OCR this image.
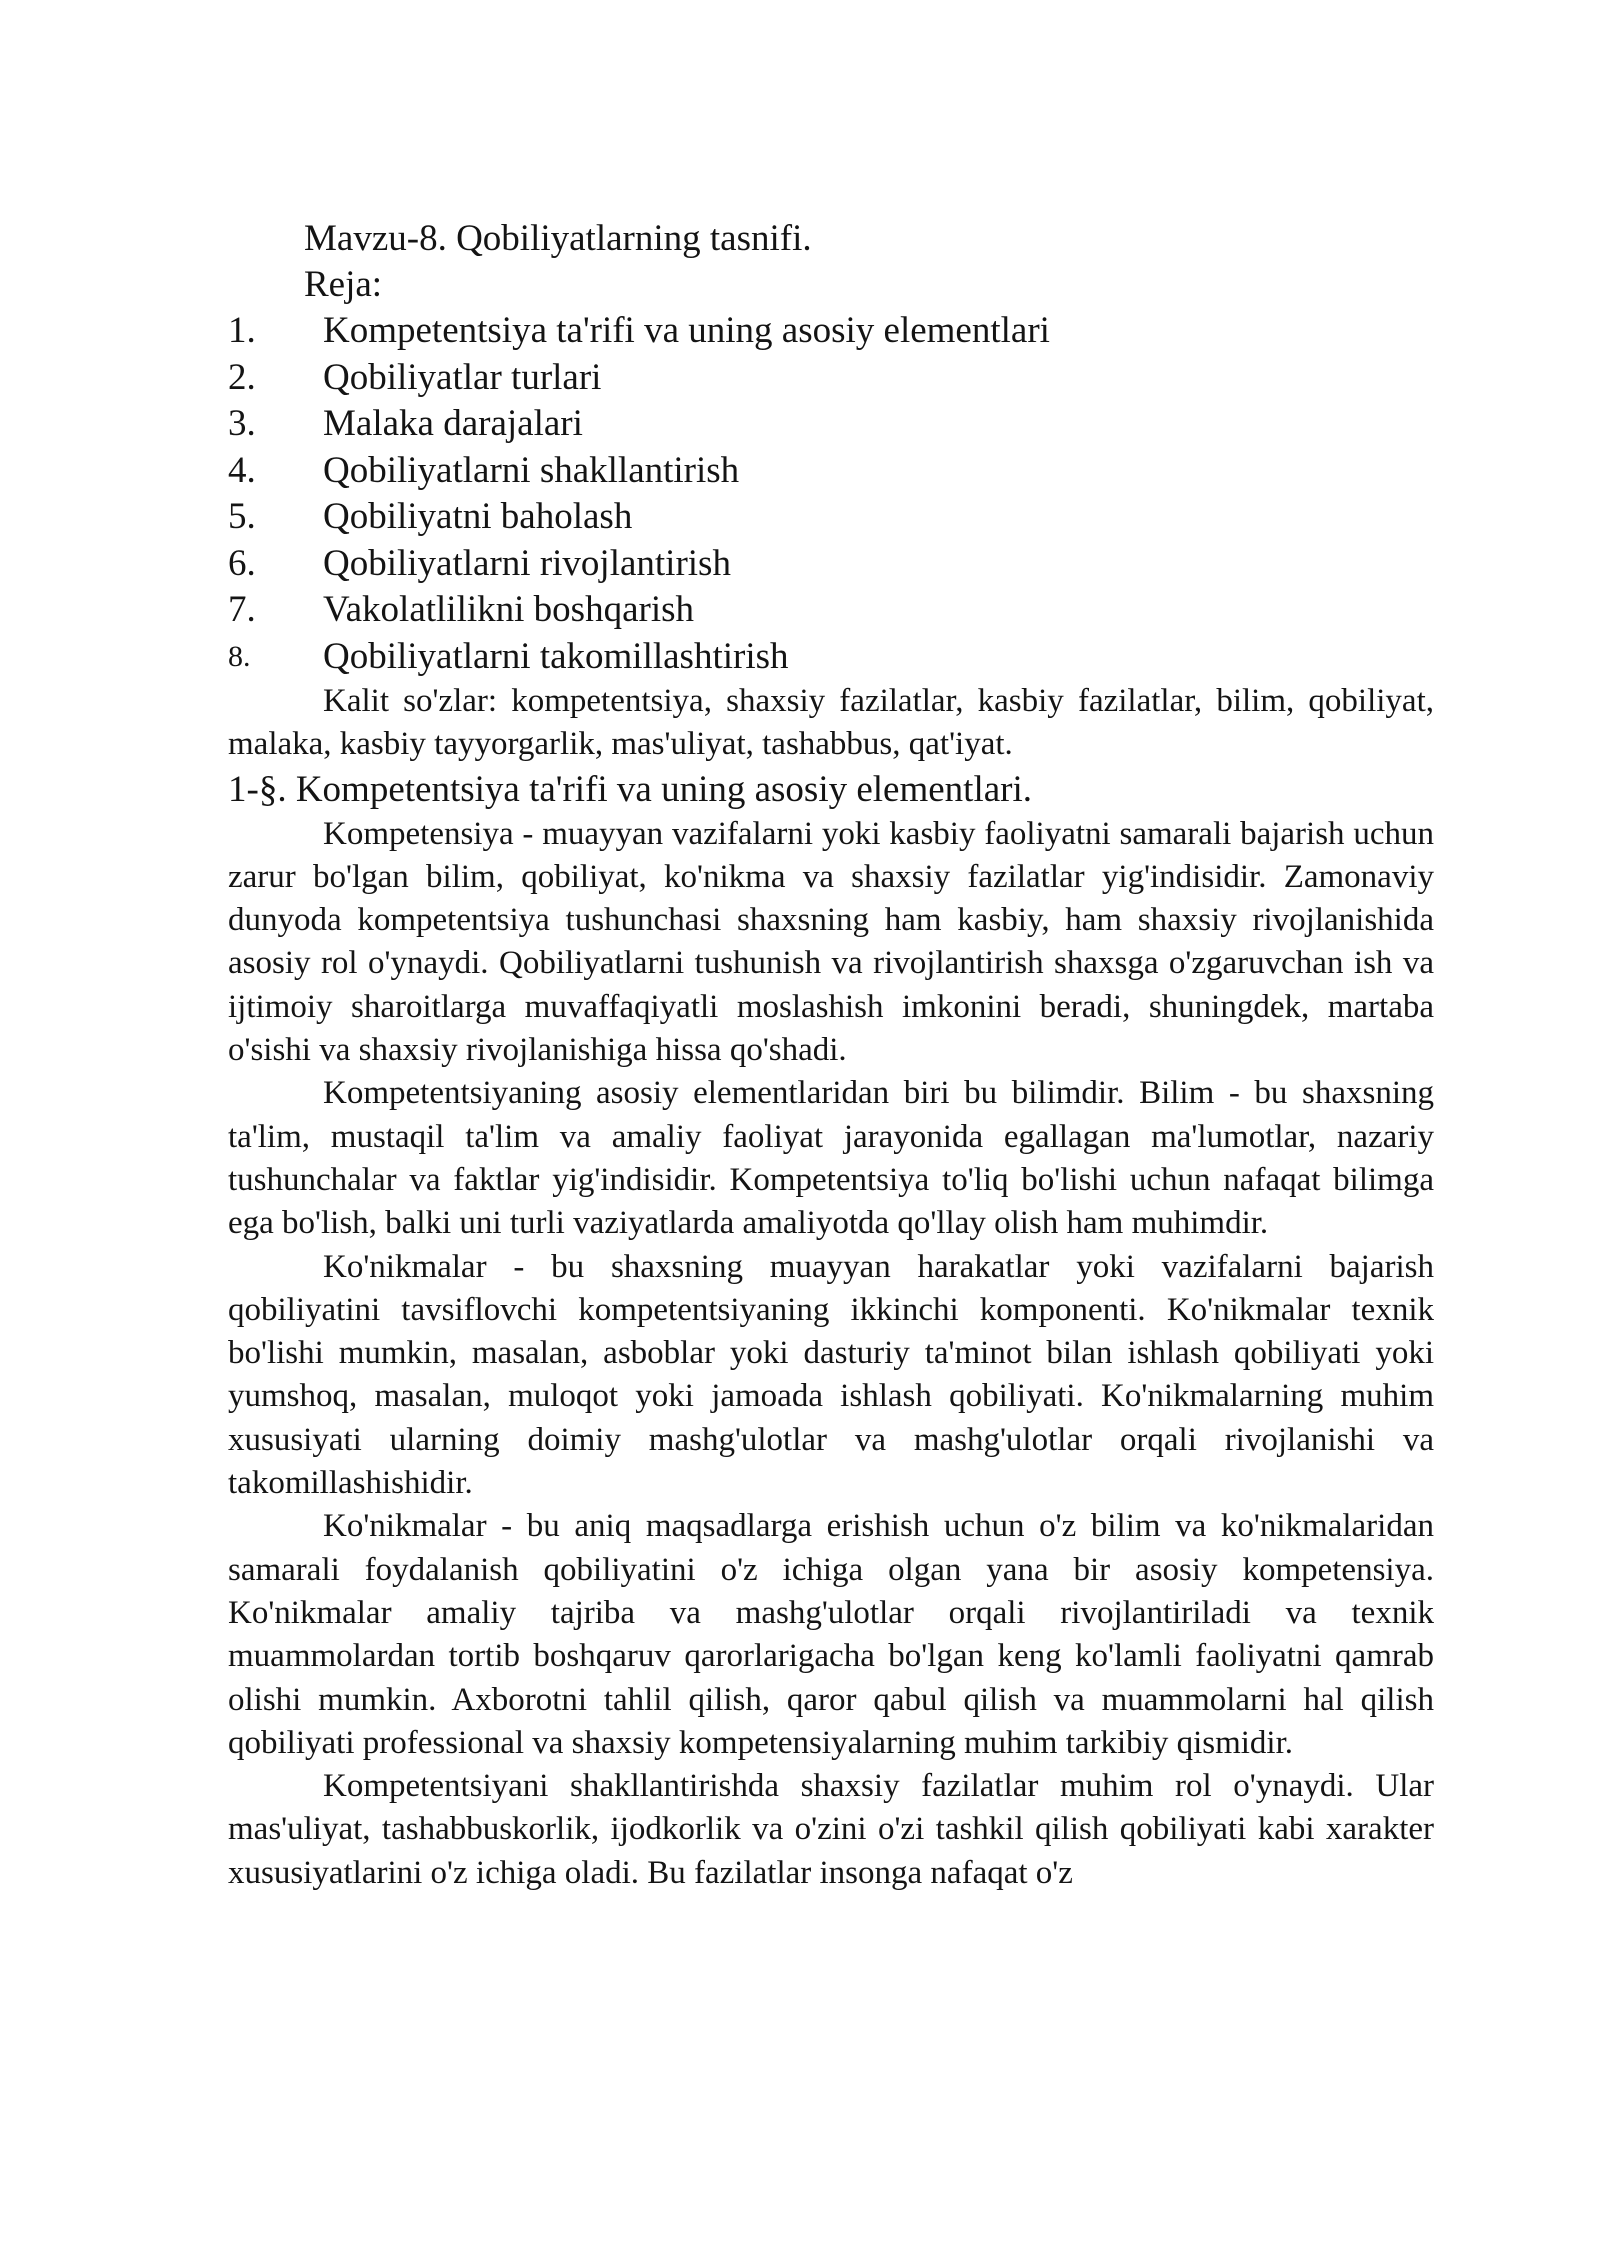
Mavzu-8. Qobiliyatlarning tasnifi.
Reja:
1. Kompetentsiya ta'rifi va uning asosiy elementlari
2. Qobiliyatlar turlari
3. Malaka darajalari
4. Qobiliyatlarni shakllantirish
5. Qobiliyatni baholash
6. Qobiliyatlarni rivojlantirish
7. Vakolatlilikni boshqarish
8. Qobiliyatlarni takomillashtirish

Kalit so'zlar: kompetentsiya, shaxsiy fazilatlar, kasbiy fazilatlar, bilim, qobiliyat, malaka, kasbiy tayyorgarlik, mas'uliyat, tashabbus, qat'iyat.

1-§. Kompetentsiya ta'rifi va uning asosiy elementlari.

Kompetensiya - muayyan vazifalarni yoki kasbiy faoliyatni samarali bajarish uchun zarur bo'lgan bilim, qobiliyat, ko'nikma va shaxsiy fazilatlar yig'indisidir. Zamonaviy dunyoda kompetentsiya tushunchasi shaxsning ham kasbiy, ham shaxsiy rivojlanishida asosiy rol o'ynaydi. Qobiliyatlarni tushunish va rivojlantirish shaxsga o'zgaruvchan ish va ijtimoiy sharoitlarga muvaffaqiyatli moslashish imkonini beradi, shuningdek, martaba o'sishi va shaxsiy rivojlanishiga hissa qo'shadi.

Kompetentsiyaning asosiy elementlaridan biri bu bilimdir. Bilim - bu shaxsning ta'lim, mustaqil ta'lim va amaliy faoliyat jarayonida egallagan ma'lumotlar, nazariy tushunchalar va faktlar yig'indisidir. Kompetentsiya to'liq bo'lishi uchun nafaqat bilimga ega bo'lish, balki uni turli vaziyatlarda amaliyotda qo'llay olish ham muhimdir.

Ko'nikmalar - bu shaxsning muayyan harakatlar yoki vazifalarni bajarish qobiliyatini tavsiflovchi kompetentsiyaning ikkinchi komponenti. Ko'nikmalar texnik bo'lishi mumkin, masalan, asboblar yoki dasturiy ta'minot bilan ishlash qobiliyati yoki yumshoq, masalan, muloqot yoki jamoada ishlash qobiliyati. Ko'nikmalarning muhim xususiyati ularning doimiy mashg'ulotlar va mashg'ulotlar orqali rivojlanishi va takomillashishidir.

Ko'nikmalar - bu aniq maqsadlarga erishish uchun o'z bilim va ko'nikmalaridan samarali foydalanish qobiliyatini o'z ichiga olgan yana bir asosiy kompetensiya. Ko'nikmalar amaliy tajriba va mashg'ulotlar orqali rivojlantiriladi va texnik muammolardan tortib boshqaruv qarorlarigacha bo'lgan keng ko'lamli faoliyatni qamrab olishi mumkin. Axborotni tahlil qilish, qaror qabul qilish va muammolarni hal qilish qobiliyati professional va shaxsiy kompetensiyalarning muhim tarkibiy qismidir.

Kompetentsiyani shakllantirishda shaxsiy fazilatlar muhim rol o'ynaydi. Ular mas'uliyat, tashabbuskorlik, ijodkorlik va o'zini o'zi tashkil qilish qobiliyati kabi xarakter xususiyatlarini o'z ichiga oladi. Bu fazilatlar insonga nafaqat o'z
